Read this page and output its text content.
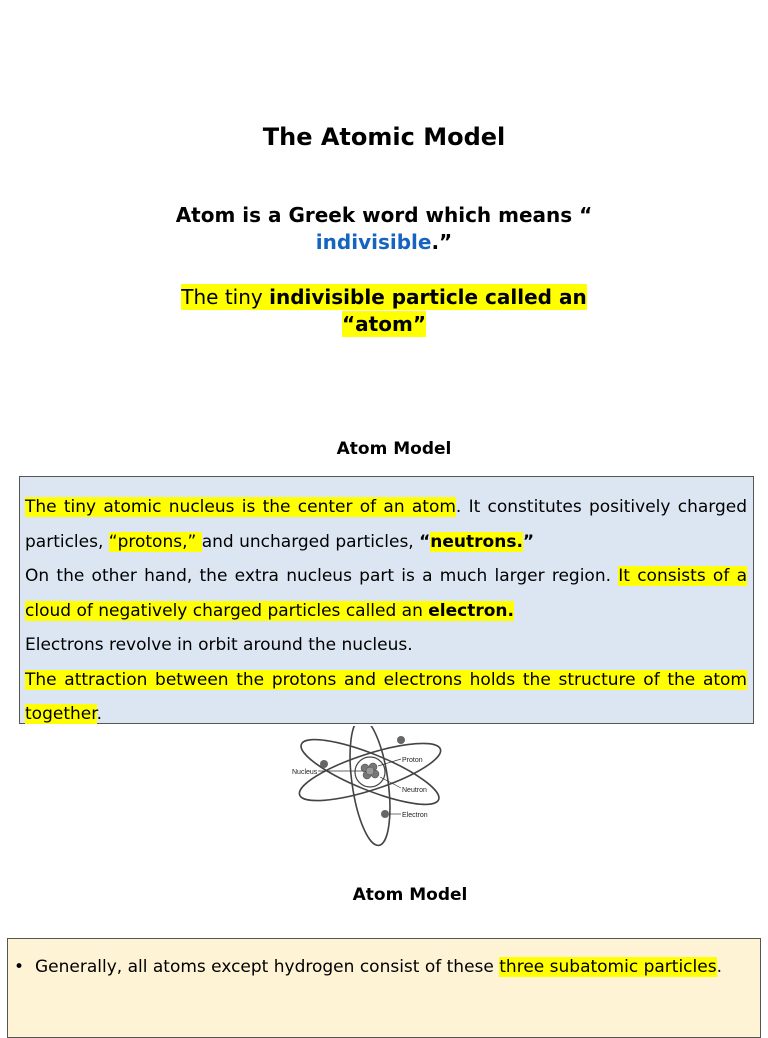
The Atomic Model
Atom is a Greek word which means “
indivisible.”
The tiny indivisible particle called an
“atom”
Atom Model

The tiny atomic nucleus is the center of an atom. It constitutes positively charged particles, “protons,” and uncharged particles, “neutrons.”

On the other hand, the extra nucleus part is a much larger region. It consists of a cloud of negatively charged particles called an electron.

Electrons revolve in orbit around the nucleus.

The attraction between the protons and electrons holds the structure of the atom together.

Nucleus
Proton
Neutron
Electron
Atom Model
• Generally, all atoms except hydrogen consist of these three subatomic particles.
